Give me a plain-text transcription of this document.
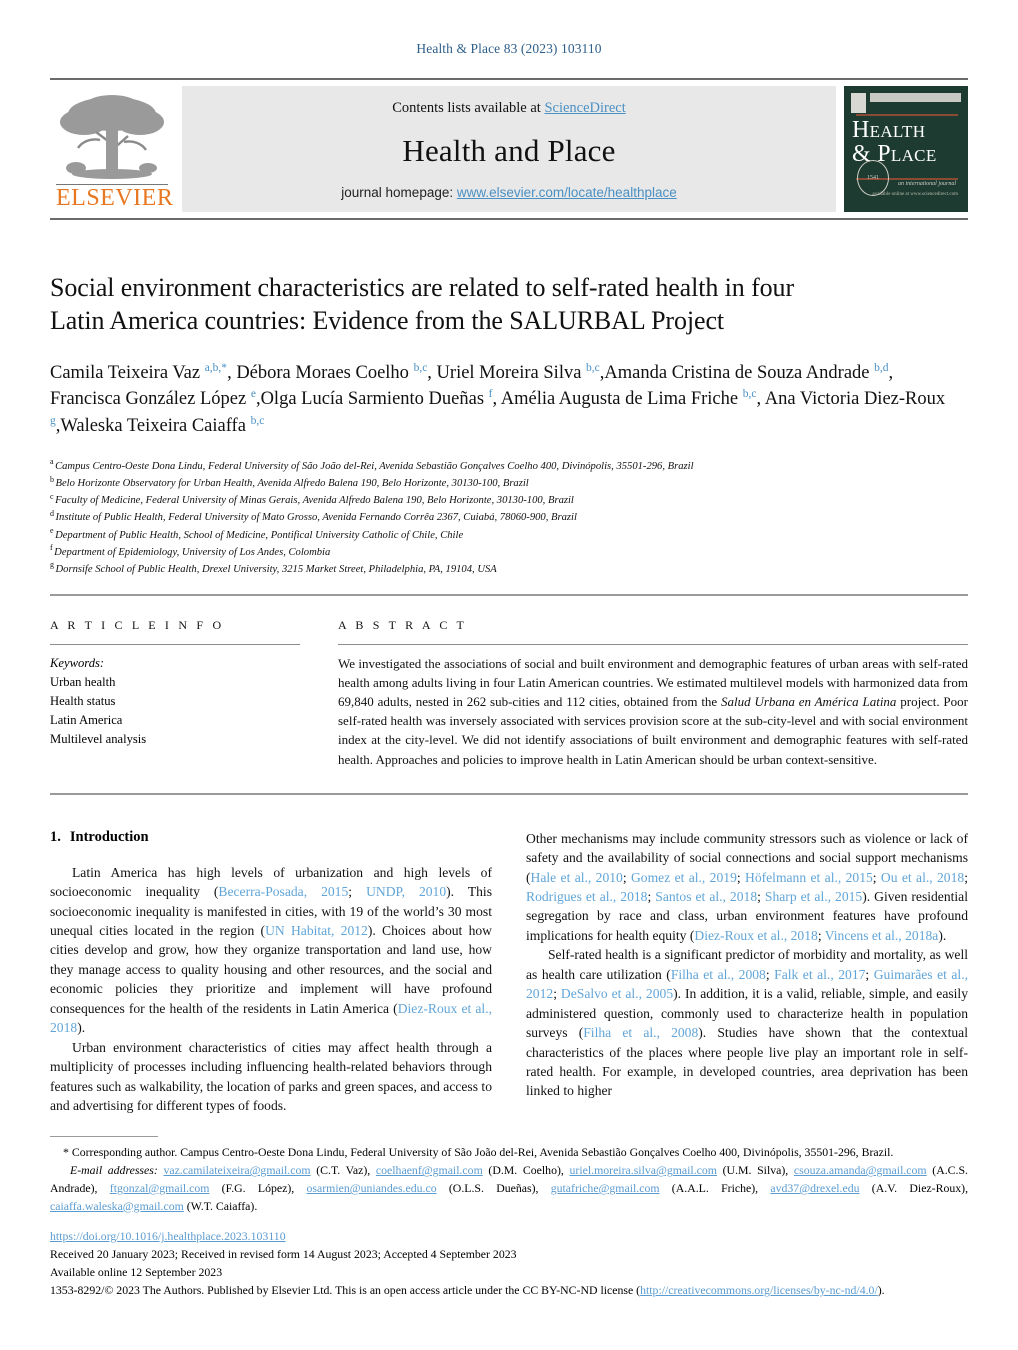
Health & Place 83 (2023) 103110
ELSEVIER
Contents lists available at ScienceDirect
Health and Place
journal homepage: www.elsevier.com/locate/healthplace
HEALTH
& PLACE
an international journal
1541
available online at www.sciencedirect.com
Social environment characteristics are related to self-rated health in four
Latin America countries: Evidence from the SALURBAL Project
Camila Teixeira Vaz $^{a,b,*}$, Débora Moraes Coelho $^{b,c}$, Uriel Moreira Silva $^{b,c}$,Amanda Cristina de Souza Andrade $^{b,d}$, Francisca González López $^e$,Olga Lucía Sarmiento Dueñas $^f$, Amélia Augusta de Lima Friche $^{b,c}$, Ana Victoria Diez-Roux $^g$,Waleska Teixeira Caiaffa $^{b,c}$
$^a$ Campus Centro-Oeste Dona Lindu, Federal University of São João del-Rei, Avenida Sebastião Gonçalves Coelho 400, Divinópolis, 35501-296, Brazil
$^b$ Belo Horizonte Observatory for Urban Health, Avenida Alfredo Balena 190, Belo Horizonte, 30130-100, Brazil
$^c$ Faculty of Medicine, Federal University of Minas Gerais, Avenida Alfredo Balena 190, Belo Horizonte, 30130-100, Brazil
$^d$ Institute of Public Health, Federal University of Mato Grosso, Avenida Fernando Corrêa 2367, Cuiabá, 78060-900, Brazil
$^e$ Department of Public Health, School of Medicine, Pontifical University Catholic of Chile, Chile
$^f$ Department of Epidemiology, University of Los Andes, Colombia
$^g$ Dornsife School of Public Health, Drexel University, 3215 Market Street, Philadelphia, PA, 19104, USA
A R T I C L E I N F O
Keywords:
Urban health
Health status
Latin America
Multilevel analysis
A B S T R A C T
We investigated the associations of social and built environment and demographic features of urban areas with self-rated health among adults living in four Latin American countries. We estimated multilevel models with harmonized data from 69,840 adults, nested in 262 sub-cities and 112 cities, obtained from the Salud Urbana en América Latina project. Poor self-rated health was inversely associated with services provision score at the sub-city-level and with social environment index at the city-level. We did not identify associations of built environment and demographic features with self-rated health. Approaches and policies to improve health in Latin American should be urban context-sensitive.
1. Introduction

Latin America has high levels of urbanization and high levels of socioeconomic inequality (Becerra-Posada, 2015; UNDP, 2010). This socioeconomic inequality is manifested in cities, with 19 of the world’s 30 most unequal cities located in the region (UN Habitat, 2012). Choices about how cities develop and grow, how they organize transportation and land use, how they manage access to quality housing and other resources, and the social and economic policies they prioritize and implement will have profound consequences for the health of the residents in Latin America (Diez-Roux et al., 2018).

Urban environment characteristics of cities may affect health through a multiplicity of processes including influencing health-related behaviors through features such as walkability, the location of parks and green spaces, and access to and advertising for different types of foods.

Other mechanisms may include community stressors such as violence or lack of safety and the availability of social connections and social support mechanisms (Hale et al., 2010; Gomez et al., 2019; Höfelmann et al., 2015; Ou et al., 2018; Rodrigues et al., 2018; Santos et al., 2018; Sharp et al., 2015). Given residential segregation by race and class, urban environment features have profound implications for health equity (Diez-Roux et al., 2018; Vincens et al., 2018a).

Self-rated health is a significant predictor of morbidity and mortality, as well as health care utilization (Filha et al., 2008; Falk et al., 2017; Guimarães et al., 2012; DeSalvo et al., 2005). In addition, it is a valid, reliable, simple, and easily administered question, commonly used to characterize health in population surveys (Filha et al., 2008). Studies have shown that the contextual characteristics of the places where people live play an important role in self-rated health. For example, in developed countries, area deprivation has been linked to higher

* Corresponding author. Campus Centro-Oeste Dona Lindu, Federal University of São João del-Rei, Avenida Sebastião Gonçalves Coelho 400, Divinópolis, 35501-296, Brazil.
E-mail addresses: vaz.camilateixeira@gmail.com (C.T. Vaz), coelhaenf@gmail.com (D.M. Coelho), uriel.moreira.silva@gmail.com (U.M. Silva), csouza.amanda@gmail.com (A.C.S. Andrade), ftgonzal@gmail.com (F.G. López), osarmien@uniandes.edu.co (O.L.S. Dueñas), gutafriche@gmail.com (A.A.L. Friche), avd37@drexel.edu (A.V. Diez-Roux), caiaffa.waleska@gmail.com (W.T. Caiaffa).
https://doi.org/10.1016/j.healthplace.2023.103110
Received 20 January 2023; Received in revised form 14 August 2023; Accepted 4 September 2023
Available online 12 September 2023
1353-8292/© 2023 The Authors. Published by Elsevier Ltd. This is an open access article under the CC BY-NC-ND license (http://creativecommons.org/licenses/by-nc-nd/4.0/).
